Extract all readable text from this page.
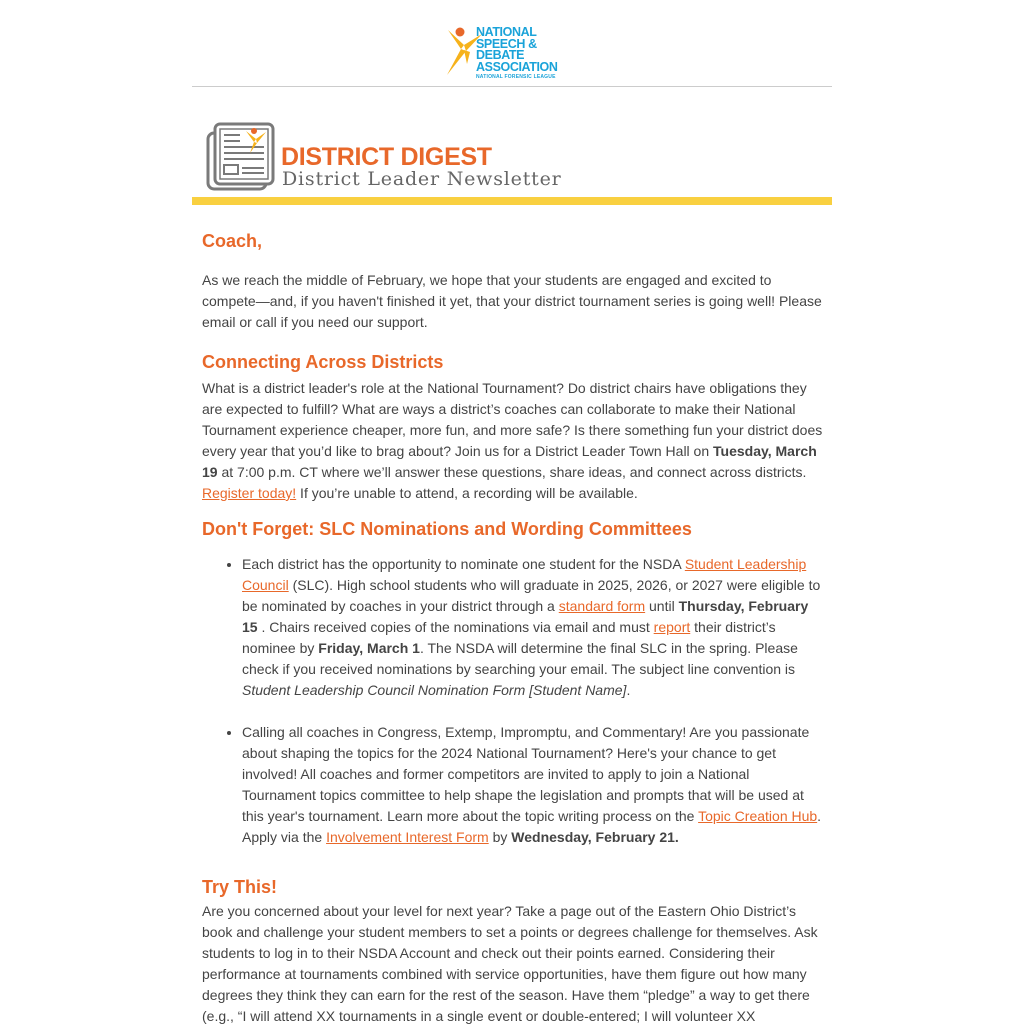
NATIONAL
SPEECH & DEBATE
ASSOCIATION
NATIONAL FORENSIC LEAGUE
DISTRICT DIGEST
District Leader Newsletter
Coach,

As we reach the middle of February, we hope that your students are engaged and excited to compete—and, if you haven't finished it yet, that your district tournament series is going well! Please email or call if you need our support.

Connecting Across Districts

What is a district leader's role at the National Tournament? Do district chairs have obligations they are expected to fulfill? What are ways a district’s coaches can collaborate to make their National Tournament experience cheaper, more fun, and more safe? Is there something fun your district does every year that you’d like to brag about? Join us for a District Leader Town Hall on Tuesday, March 19 at 7:00 p.m. CT where we’ll answer these questions, share ideas, and connect across districts. Register today! If you’re unable to attend, a recording will be available.

Don't Forget: SLC Nominations and Wording Committees
• Each district has the opportunity to nominate one student for the NSDA Student Leadership Council (SLC). High school students who will graduate in 2025, 2026, or 2027 were eligible to be nominated by coaches in your district through a standard form until Thursday, February 15 . Chairs received copies of the nominations via email and must report their district’s nominee by Friday, March 1. The NSDA will determine the final SLC in the spring. Please check if you received nominations by searching your email. The subject line convention is Student Leadership Council Nomination Form [Student Name].
• Calling all coaches in Congress, Extemp, Impromptu, and Commentary! Are you passionate about shaping the topics for the 2024 National Tournament? Here's your chance to get involved! All coaches and former competitors are invited to apply to join a National Tournament topics committee to help shape the legislation and prompts that will be used at this year's tournament. Learn more about the topic writing process on the Topic Creation Hub. Apply via the Involvement Interest Form by Wednesday, February 21.
Try This!

Are you concerned about your level for next year? Take a page out of the Eastern Ohio District’s book and challenge your student members to set a points or degrees challenge for themselves. Ask students to log in to their NSDA Account and check out their points earned. Considering their performance at tournaments combined with service opportunities, have them figure out how many degrees they think they can earn for the rest of the season. Have them “pledge” a way to get there (e.g., “I will attend XX tournaments in a single event or double-entered; I will volunteer XX
